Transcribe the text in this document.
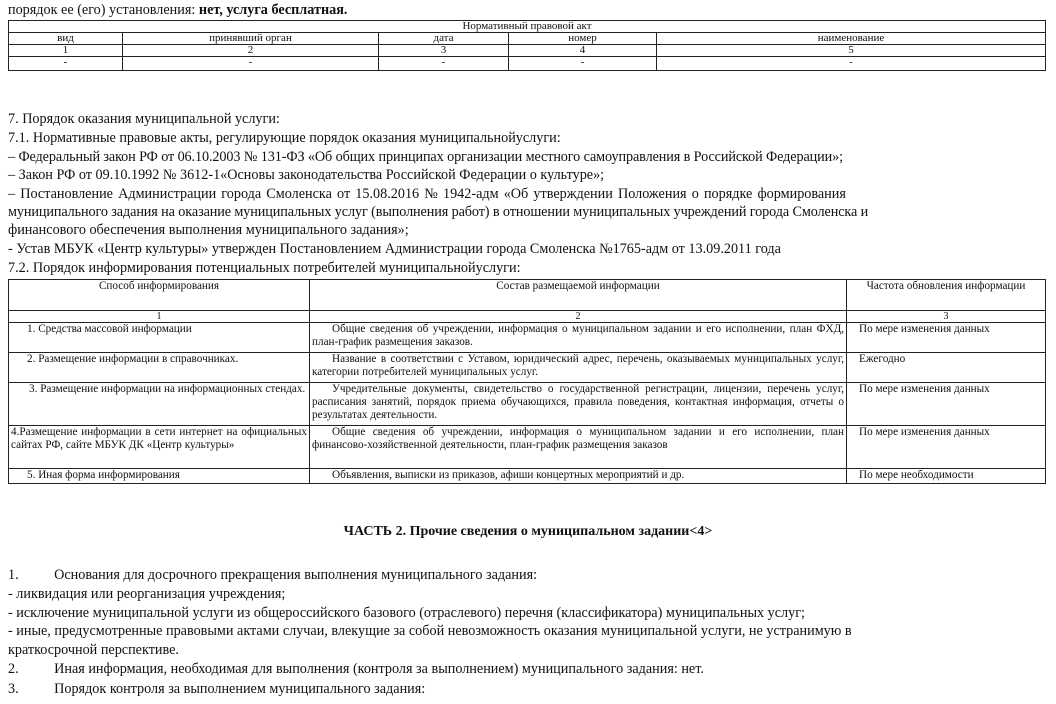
порядок ее (его) установления: нет, услуга бесплатная.
Нормативный правовой акт				
вид	принявший орган	дата	номер	наименование
1	2	3	4	5
-	-	-	-	-
7. Порядок оказания муниципальной услуги:
7.1. Нормативные правовые акты, регулирующие порядок оказания муниципальнойуслуги:
– Федеральный закон РФ от 06.10.2003 № 131-ФЗ «Об общих принципах организации местного самоуправления в Российской Федерации»;
– Закон РФ от 09.10.1992 № 3612-1«Основы законодательства Российской Федерации о культуре»;
– Постановление Администрации города Смоленска от 15.08.2016 № 1942-адм «Об утверждении Положения о порядке формирования
муниципального задания на оказание муниципальных услуг (выполнения работ) в отношении муниципальных учреждений города Смоленска и
финансового обеспечения выполнения муниципального задания»;
- Устав МБУК «Центр культуры» утвержден Постановлением Администрации города Смоленска №1765-адм от 13.09.2011 года
7.2. Порядок информирования потенциальных потребителей муниципальнойуслуги:
Способ информирования	Состав размещаемой информации	Частота обновления информации
1	2	3
1. Средства массовой информации	Общие сведения об учреждении, информация о муниципальном задании и его исполнении, план ФХД, план-график размещения заказов.	По мере изменения данных
2. Размещение информации в справочниках.	Название в соответствии с Уставом, юридический адрес, перечень, оказываемых муниципальных услуг, категории потребителей муниципальных услуг.	Ежегодно
3. Размещение информации на информационных стендах.	Учредительные документы, свидетельство о государственной регистрации, лицензии, перечень услуг, расписания занятий, порядок приема обучающихся, правила поведения, контактная информация, отчеты о результатах деятельности.	По мере изменения данных
4.Размещение информации в сети интернет на официальных сайтах РФ, сайте МБУК ДК «Центр культуры»	Общие сведения об учреждении, информация о муниципальном задании и его исполнении, план финансово-хозяйственной деятельности, план-график размещения заказов	По мере изменения данных
5. Иная форма информирования	Объявления, выписки из приказов, афиши концертных мероприятий и др.	По мере необходимости
ЧАСТЬ 2. Прочие сведения о муниципальном задании<4>
1.          Основания для досрочного прекращения выполнения муниципального задания:
- ликвидация или реорганизация учреждения;
- исключение муниципальной услуги из общероссийского базового (отраслевого) перечня (классификатора) муниципальных услуг;
- иные, предусмотренные правовыми актами случаи, влекущие за собой невозможность оказания муниципальной услуги, не устранимую в
краткосрочной перспективе.
2.          Иная информация, необходимая для выполнения (контроля за выполнением) муниципального задания: нет.
3.          Порядок контроля за выполнением муниципального задания:
